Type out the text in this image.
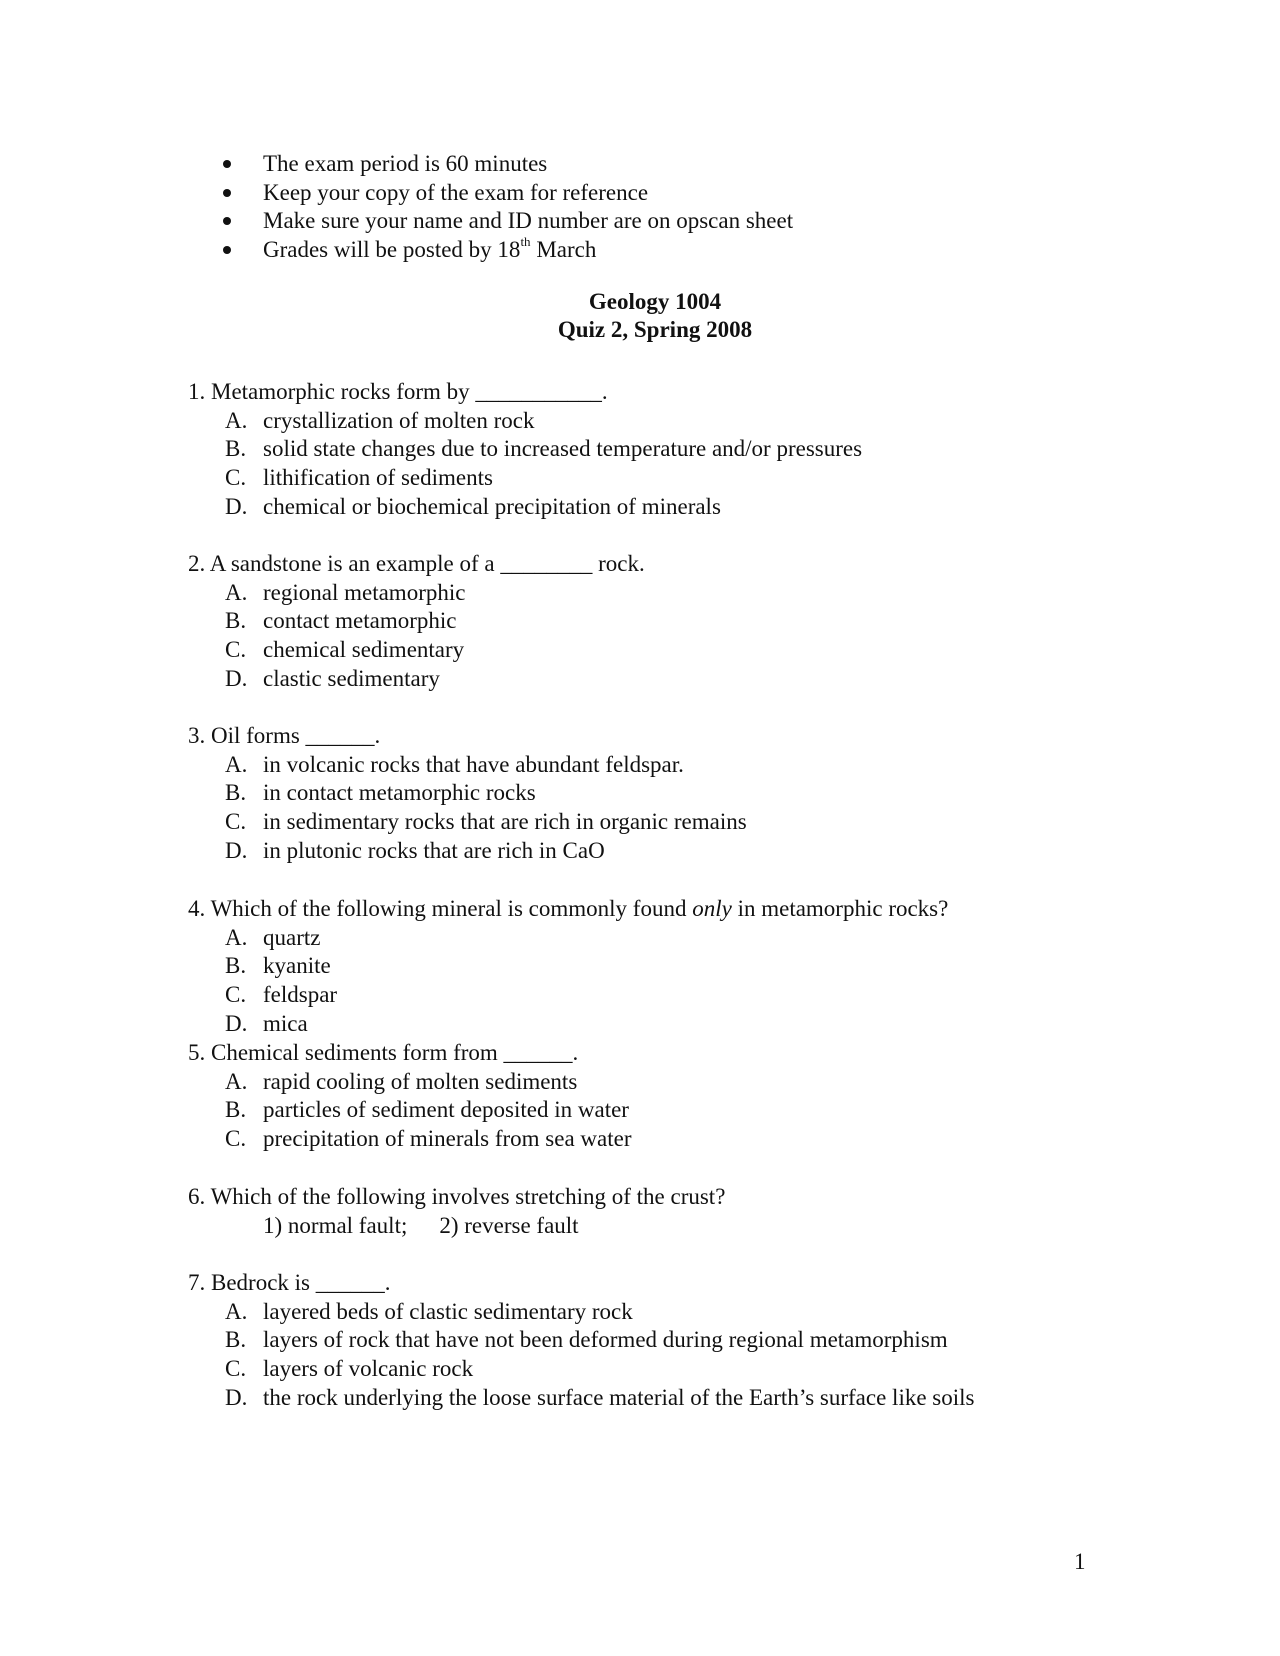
The exam period is 60 minutes
Keep your copy of the exam for reference
Make sure your name and ID number are on opscan sheet
Grades will be posted by 18th March
Geology 1004
Quiz 2, Spring 2008
1. Metamorphic rocks form by ___________.
A. crystallization of molten rock
B. solid state changes due to increased temperature and/or pressures
C. lithification of sediments
D. chemical or biochemical precipitation of minerals
2. A sandstone is an example of a ________ rock.
A. regional metamorphic
B. contact metamorphic
C. chemical sedimentary
D. clastic sedimentary
3. Oil forms ______.
A. in volcanic rocks that have abundant feldspar.
B. in contact metamorphic rocks
C. in sedimentary rocks that are rich in organic remains
D. in plutonic rocks that are rich in CaO
4. Which of the following mineral is commonly found only in metamorphic rocks?
A. quartz
B. kyanite
C. feldspar
D. mica
5. Chemical sediments form from ______.
A. rapid cooling of molten sediments
B. particles of sediment deposited in water
C. precipitation of minerals from sea water
6. Which of the following involves stretching of the crust?
1) normal fault; 2) reverse fault
7. Bedrock is ______.
A. layered beds of clastic sedimentary rock
B. layers of rock that have not been deformed during regional metamorphism
C. layers of volcanic rock
D. the rock underlying the loose surface material of the Earth’s surface like soils
1
